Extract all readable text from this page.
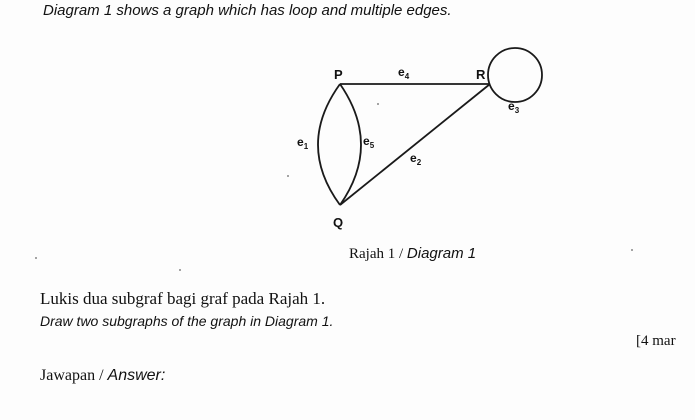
Diagram 1 shows a graph which has loop and multiple edges.
P	R
Q
$e_4$
$e_3$
$e_1$	$e_5$
$e_2$
Rajah 1 / Diagram 1
Lukis dua subgraf bagi graf pada Rajah 1.
Draw two subgraphs of the graph in Diagram 1.
[4 mar
Jawapan / Answer:
